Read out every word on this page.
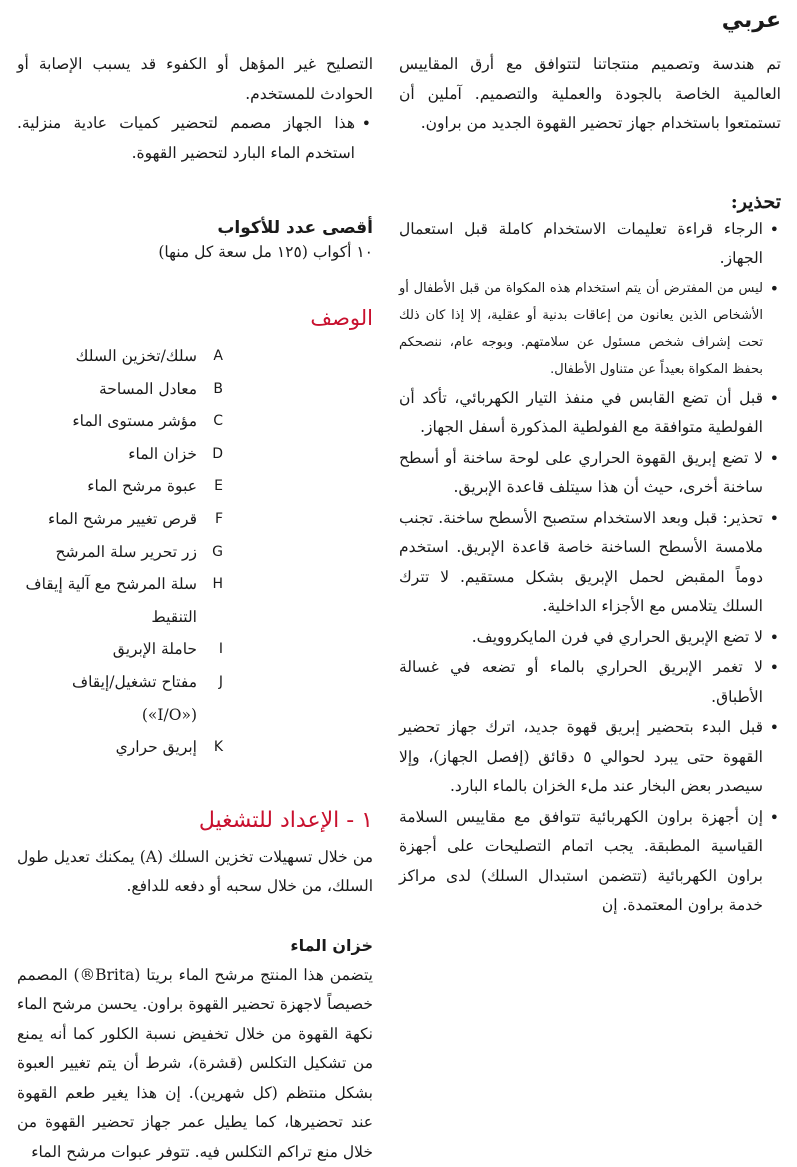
عربي

تم هندسة وتصميم منتجاتنا لتتوافق مع أرق المقاييس العالمية الخاصة بالجودة والعملية والتصميم. آملين أن تستمتعوا باستخدام جهاز تحضير القهوة الجديد من براون.

تحذير:
• الرجاء قراءة تعليمات الاستخدام كاملة قبل استعمال الجهاز.
• ليس من المفترض أن يتم استخدام هذه المكواة من قبل الأطفال أو الأشخاص الذين يعانون من إعاقات بدنية أو عقلية، إلا إذا كان ذلك تحت إشراف شخص مسئول عن سلامتهم. وبوجه عام، ننصحكم بحفظ المكواة بعيداً عن متناول الأطفال.
• قبل أن تضع القابس في منفذ التيار الكهربائي، تأكد أن الفولطية متوافقة مع الفولطية المذكورة أسفل الجهاز.
• لا تضع إبريق القهوة الحراري على لوحة ساخنة أو أسطح ساخنة أخرى، حيث أن هذا سيتلف قاعدة الإبريق.
• تحذير: قبل وبعد الاستخدام ستصبح الأسطح ساخنة. تجنب ملامسة الأسطح الساخنة خاصة قاعدة الإبريق. استخدم دوماً المقبض لحمل الإبريق بشكل مستقيم. لا تترك السلك يتلامس مع الأجزاء الداخلية.
• لا تضع الإبريق الحراري في فرن المايكروويف.
• لا تغمر الإبريق الحراري بالماء أو تضعه في غسالة الأطباق.
• قبل البدء بتحضير إبريق قهوة جديد، اترك جهاز تحضير القهوة حتى يبرد لحوالي ٥ دقائق (إفصل الجهاز)، وإلا سيصدر بعض البخار عند ملء الخزان بالماء البارد.
• إن أجهزة براون الكهربائية تتوافق مع مقاييس السلامة القياسية المطبقة. يجب اتمام التصليحات على أجهزة براون الكهربائية (تتضمن استبدال السلك) لدى مراكز خدمة براون المعتمدة. إن

التصليح غير المؤهل أو الكفوء قد يسبب الإصابة أو الحوادث للمستخدم.

• هذا الجهاز مصمم لتحضير كميات عادية منزلية. استخدم الماء البارد لتحضير القهوة.
أقصى عدد للأكواب

١٠ أكواب (١٢٥ مل سعة كل منها)

الوصف
A
سلك/تخزين السلك
B
معادل المساحة
C
مؤشر مستوى الماء
D
خزان الماء
E
عبوة مرشح الماء
F
قرص تغيير مرشح الماء
G
زر تحرير سلة المرشح
H
سلة المرشح مع آلية إيقاف التنقيط
I
حاملة الإبريق
J
مفتاح تشغيل/إيقاف («I/O»)
K
إبريق حراري
١ - الإعداد للتشغيل

من خلال تسهيلات تخزين السلك (A) يمكنك تعديل طول السلك، من خلال سحبه أو دفعه للدافع.

خزان الماء

يتضمن هذا المنتج مرشح الماء بريتا (Brita®) المصمم خصيصاً لاجهزة تحضير القهوة براون. يحسن مرشح الماء نكهة القهوة من خلال تخفيض نسبة الكلور كما أنه يمنع من تشكيل التكلس (قشرة)، شرط أن يتم تغيير العبوة بشكل منتظم (كل شهرين). إن هذا يغير طعم القهوة عند تحضيرها، كما يطيل عمر جهاز تحضير القهوة من خلال منع تراكم التكلس فيه. تتوفر عبوات مرشح الماء
